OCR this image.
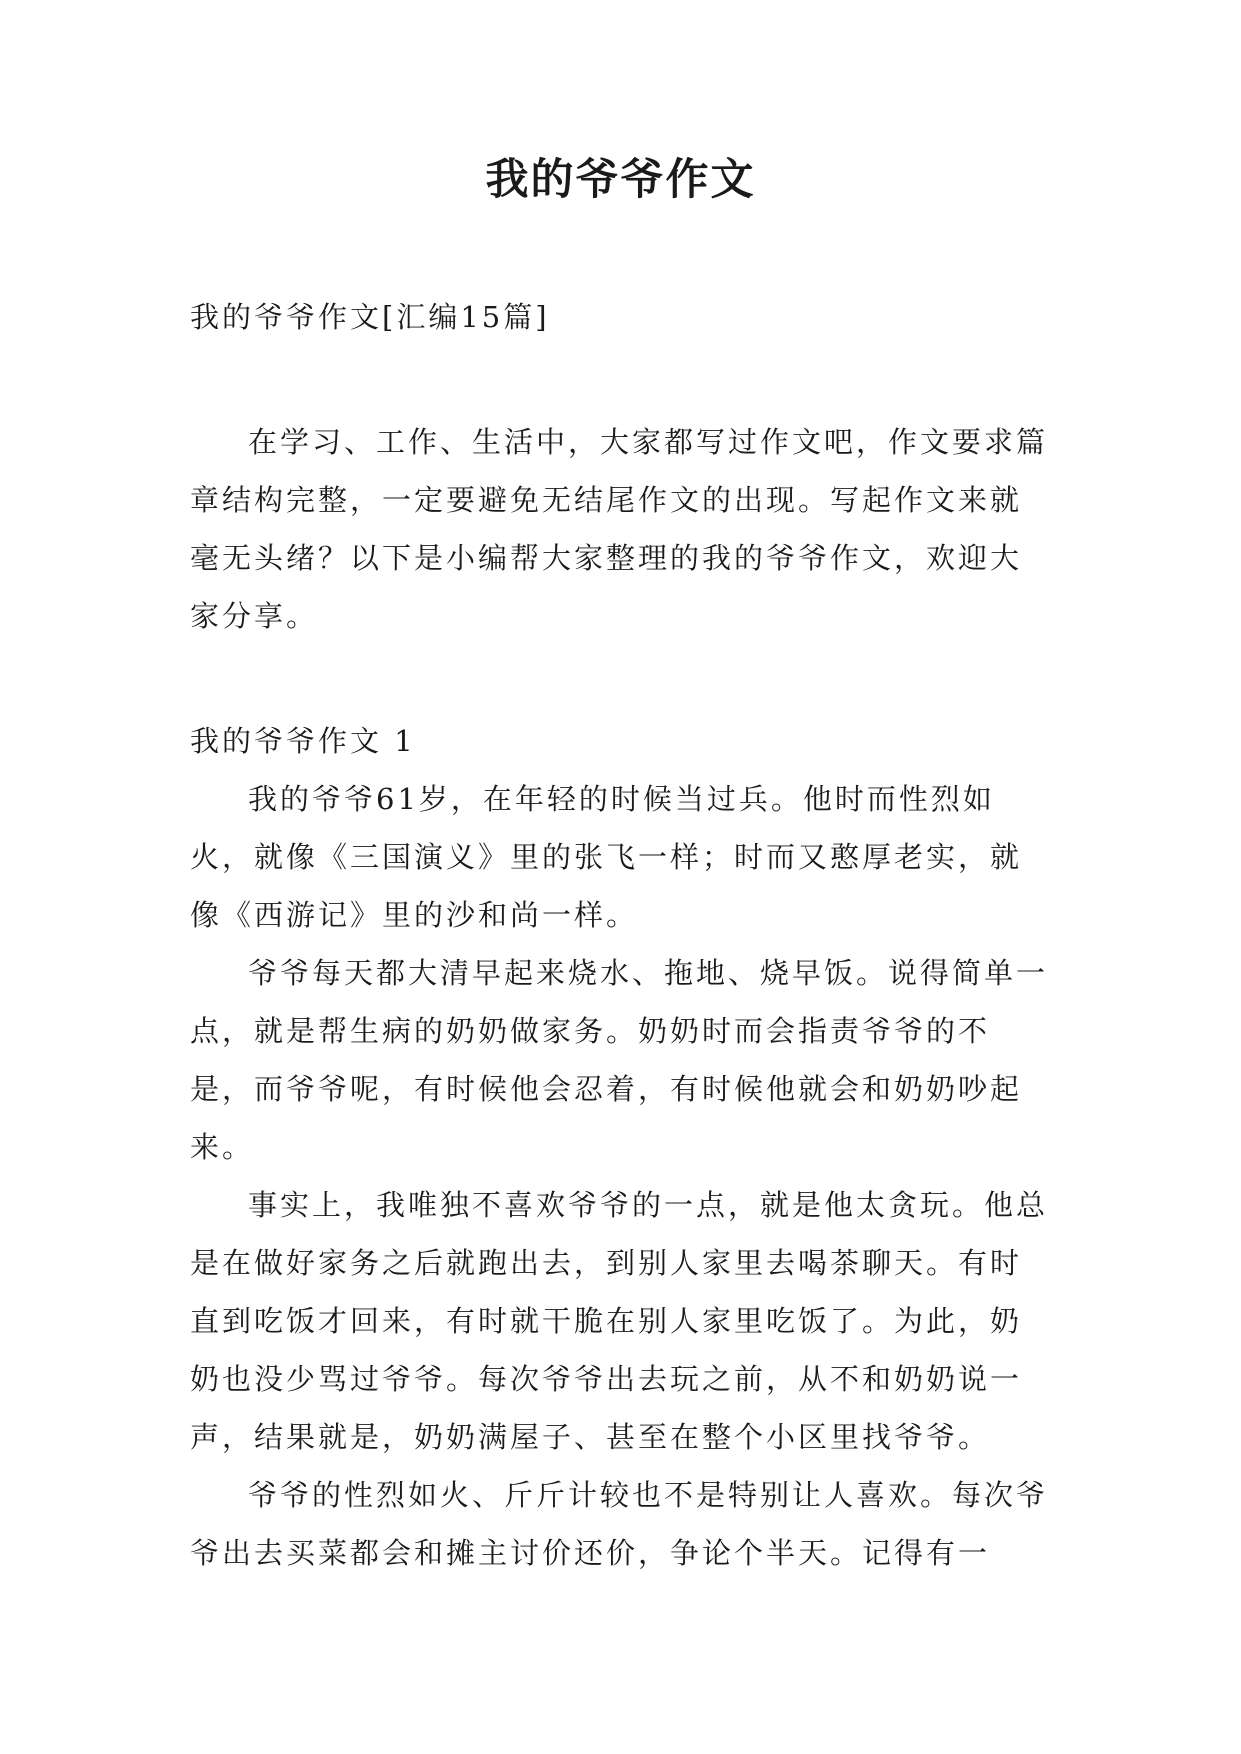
我的爷爷作文

我的爷爷作文[汇编15篇]

在学习、工作、生活中，大家都写过作文吧，作文要求篇章结构完整，一定要避免无结尾作文的出现。写起作文来就毫无头绪？以下是小编帮大家整理的我的爷爷作文，欢迎大家分享。

我的爷爷作文 1

我的爷爷61岁，在年轻的时候当过兵。他时而性烈如火，就像《三国演义》里的张飞一样；时而又憨厚老实，就像《西游记》里的沙和尚一样。

爷爷每天都大清早起来烧水、拖地、烧早饭。说得简单一点，就是帮生病的奶奶做家务。奶奶时而会指责爷爷的不是，而爷爷呢，有时候他会忍着，有时候他就会和奶奶吵起来。

事实上，我唯独不喜欢爷爷的一点，就是他太贪玩。他总是在做好家务之后就跑出去，到别人家里去喝茶聊天。有时直到吃饭才回来，有时就干脆在别人家里吃饭了。为此，奶奶也没少骂过爷爷。每次爷爷出去玩之前，从不和奶奶说一声，结果就是，奶奶满屋子、甚至在整个小区里找爷爷。

爷爷的性烈如火、斤斤计较也不是特别让人喜欢。每次爷爷出去买菜都会和摊主讨价还价，争论个半天。记得有一
